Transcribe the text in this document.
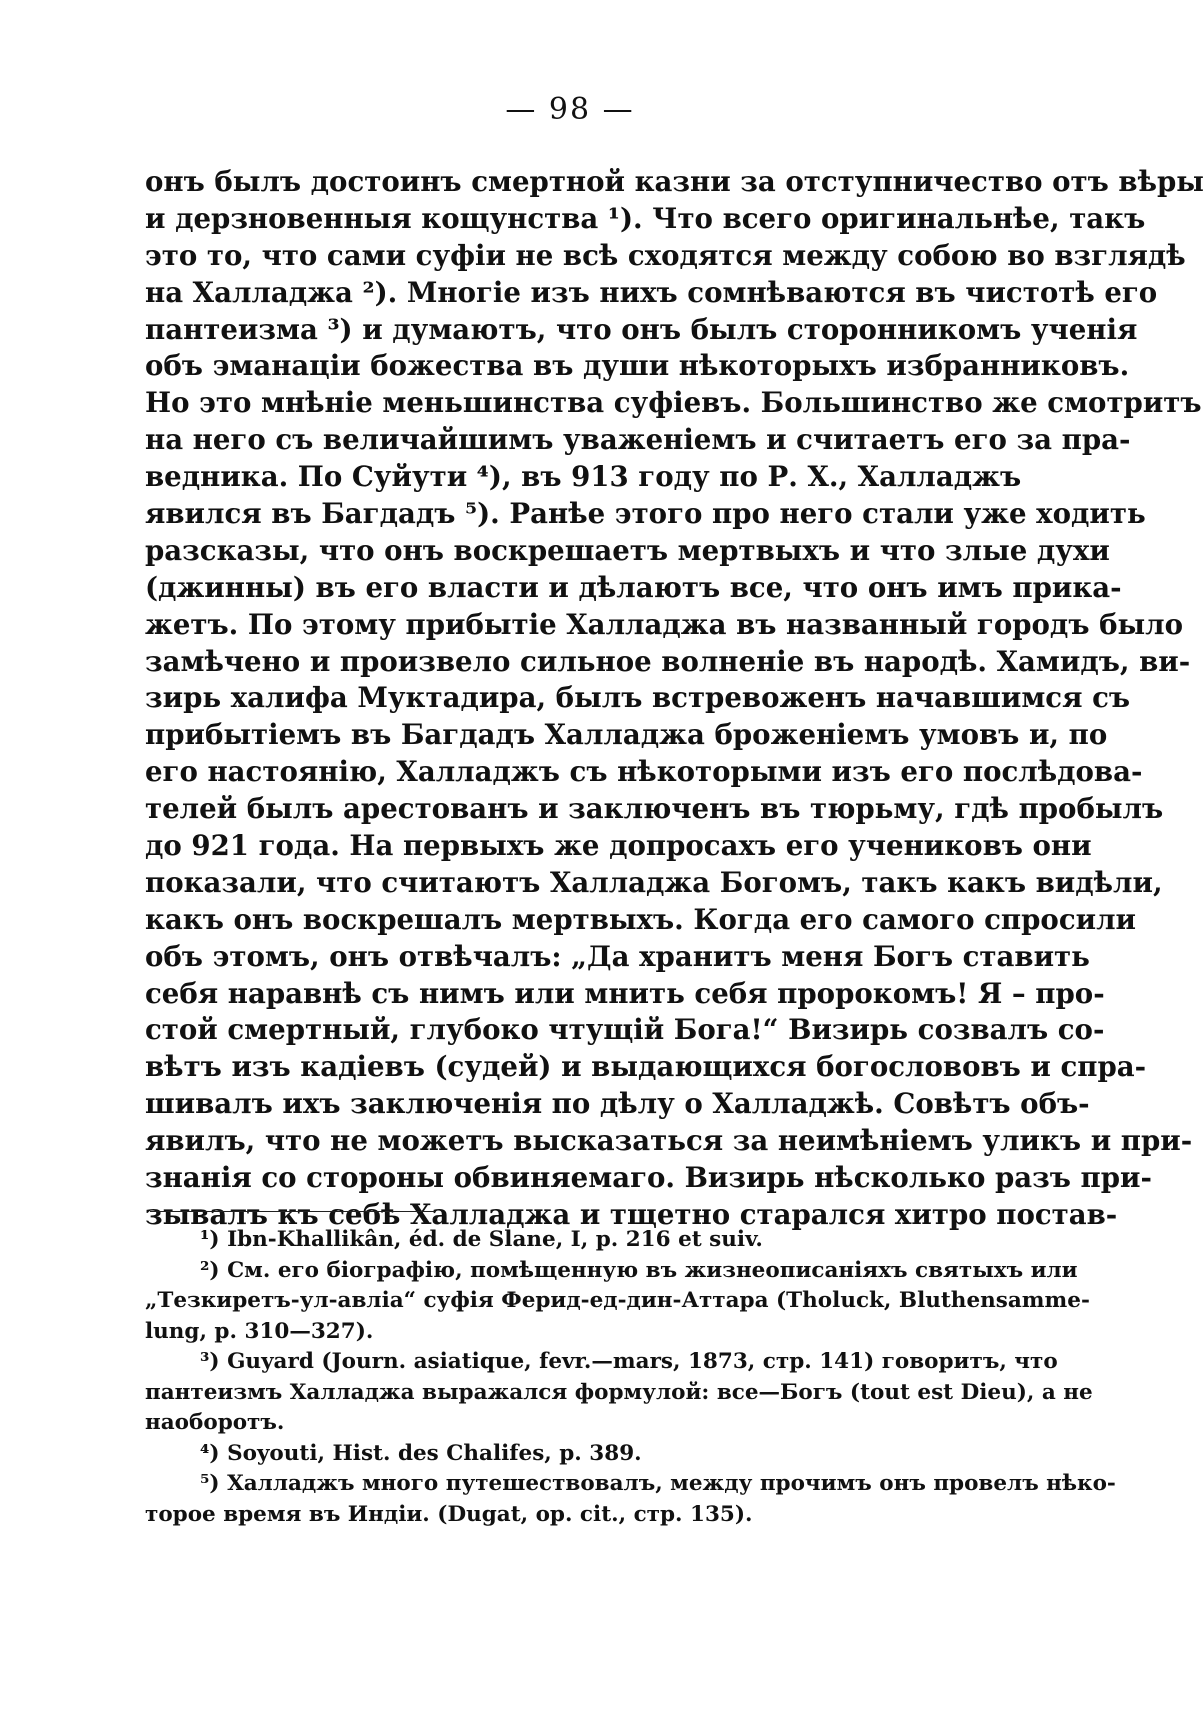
— 98 —
онъ былъ достоинъ смертной казни за отступничество отъ вѣры
и дерзновенныя кощунства ¹). Что всего оригинальнѣе, такъ
это то, что сами суфiи не всѣ сходятся между собою во взглядѣ
на Халладжа ²). Многiе изъ нихъ сомнѣваются въ чистотѣ его
пантеизма ³) и думаютъ, что онъ былъ сторонникомъ ученiя
объ эманацiи божества въ души нѣкоторыхъ избранниковъ.
Но это мнѣнiе меньшинства суфiевъ. Большинство же смотритъ
на него съ величайшимъ уваженiемъ и считаетъ его за пра-
ведника. По Суйути ⁴), въ 913 году по Р. Х., Халладжъ
явился въ Багдадъ ⁵). Ранѣе этого про него стали уже ходить
разсказы, что онъ воскрешаетъ мертвыхъ и что злые духи
(джинны) въ его власти и дѣлаютъ все, что онъ имъ прика-
жетъ. По этому прибытiе Халладжа въ названный городъ было
замѣчено и произвело сильное волненiе въ народѣ. Хамидъ, ви-
зирь халифа Муктадира, былъ встревоженъ начавшимся съ
прибытiемъ въ Багдадъ Халладжа броженiемъ умовъ и, по
его настоянiю, Халладжъ съ нѣкоторыми изъ его послѣдова-
телей былъ арестованъ и заключенъ въ тюрьму, гдѣ пробылъ
до 921 года. На первыхъ же допросахъ его учениковъ они
показали, что считаютъ Халладжа Богомъ, такъ какъ видѣли,
какъ онъ воскрешалъ мертвыхъ. Когда его самого спросили
объ этомъ, онъ отвѣчалъ: „Да хранитъ меня Богъ ставить
себя наравнѣ съ нимъ или мнить себя пророкомъ! Я – про-
стой смертный, глубоко чтущiй Бога!“ Визирь созвалъ со-
вѣтъ изъ кадiевъ (судей) и выдающихся богослововъ и спра-
шивалъ ихъ заключенiя по дѣлу о Халладжѣ. Совѣтъ объ-
явилъ, что не можетъ высказаться за неимѣнiемъ уликъ и при-
знанiя со стороны обвиняемаго. Визирь нѣсколько разъ при-
зывалъ къ себѣ Халладжа и тщетно старался хитро постав-
¹) Ibn-Khallikân, éd. de Slane, I, p. 216 et suiv.
²) См. его бiографiю, помѣщенную въ жизнеописанiяхъ святыхъ или
„Тезкиретъ-ул-авлiа“ суфiя Ферид-ед-дин-Аттара (Tholuck, Bluthensamme-
lung, p. 310—327).
³) Guyard (Journ. asiatique, fevr.—mars, 1873, стр. 141) говоритъ, что
пантеизмъ Халладжа выражался формулой: все—Богъ (tout est Dieu), а не
наоборотъ.
⁴) Soyouti, Hist. des Chalifes, p. 389.
⁵) Халладжъ много путешествовалъ, между прочимъ онъ провелъ нѣко-
торое время въ Индiи. (Dugat, op. cit., стр. 135).
